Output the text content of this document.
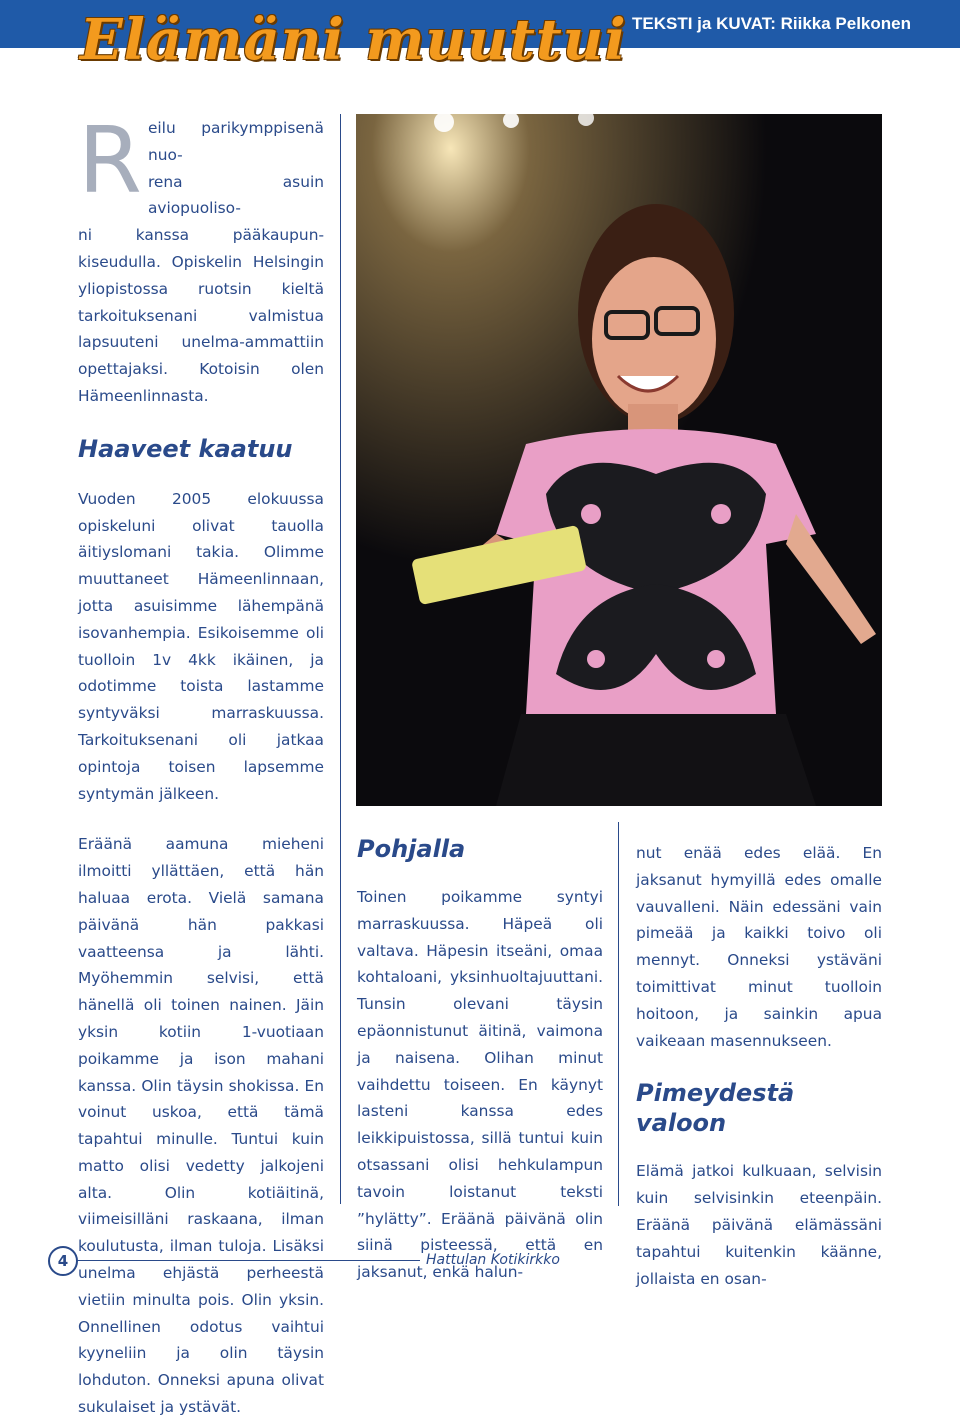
Elämäni muuttui TEKSTI ja KUVAT: Riikka Pelkonen
R eilu parikymppisenä nuo-
rena asuin aviopuoliso-
ni kanssa pääkaupun-

kiseudulla. Opiskelin Helsingin yliopistossa ruotsin kieltä tarkoituksenani valmistua lapsuuteni unelma-ammattiin opettajaksi. Kotoisin olen Hämeenlinnasta.

Haaveet kaatuu

Vuoden 2005 elokuussa opiskeluni olivat tauolla äitiyslomani takia. Olimme muuttaneet Hämeenlinnaan, jotta asuisimme lähempänä isovanhempia. Esikoisemme oli tuolloin 1v 4kk ikäinen, ja odotimme toista lastamme syntyväksi marraskuussa. Tarkoituksenani oli jatkaa opintoja toisen lapsemme syntymän jälkeen.

Eräänä aamuna mieheni ilmoitti yllättäen, että hän haluaa erota. Vielä samana päivänä hän pakkasi vaatteensa ja lähti. Myöhemmin selvisi, että hänellä oli toinen nainen. Jäin yksin kotiin 1-vuotiaan poikamme ja ison mahani kanssa. Olin täysin shokissa. En voinut uskoa, että tämä tapahtui minulle. Tuntui kuin matto olisi vedetty jalkojeni alta. Olin kotiäitinä, viimeisilläni raskaana, ilman koulutusta, ilman tuloja. Lisäksi unelma ehjästä perheestä vietiin minulta pois. Olin yksin. Onnellinen odotus vaihtui kyyneliin ja olin täysin lohduton. Onneksi apuna olivat sukulaiset ja ystävät.

Pohjalla

Toinen poikamme syntyi marraskuussa. Häpeä oli valtava. Häpesin itseäni, omaa kohtaloani, yksinhuoltajuuttani. Tunsin olevani täysin epäonnistunut äitinä, vaimona ja naisena. Olihan minut vaihdettu toiseen. En käynyt lasteni kanssa edes leikkipuistossa, sillä tuntui kuin otsassani olisi hehkulampun tavoin loistanut teksti ”hylätty”. Eräänä päivänä olin siinä pisteessä, että en jaksanut, enkä halun-

nut enää edes elää. En jaksanut hymyillä edes omalle vauvalleni. Näin edessäni vain pimeää ja kaikki toivo oli mennyt. Onneksi ystäväni toimittivat minut tuolloin hoitoon, ja sainkin apua vaikeaan masennukseen.

Pimeydestä valoon

Elämä jatkoi kulkuaan, selvisin kuin selvisinkin eteenpäin. Eräänä päivänä elämässäni tapahtui kuitenkin käänne, jollaista en osan-

4	Hattulan Kotikirkko
